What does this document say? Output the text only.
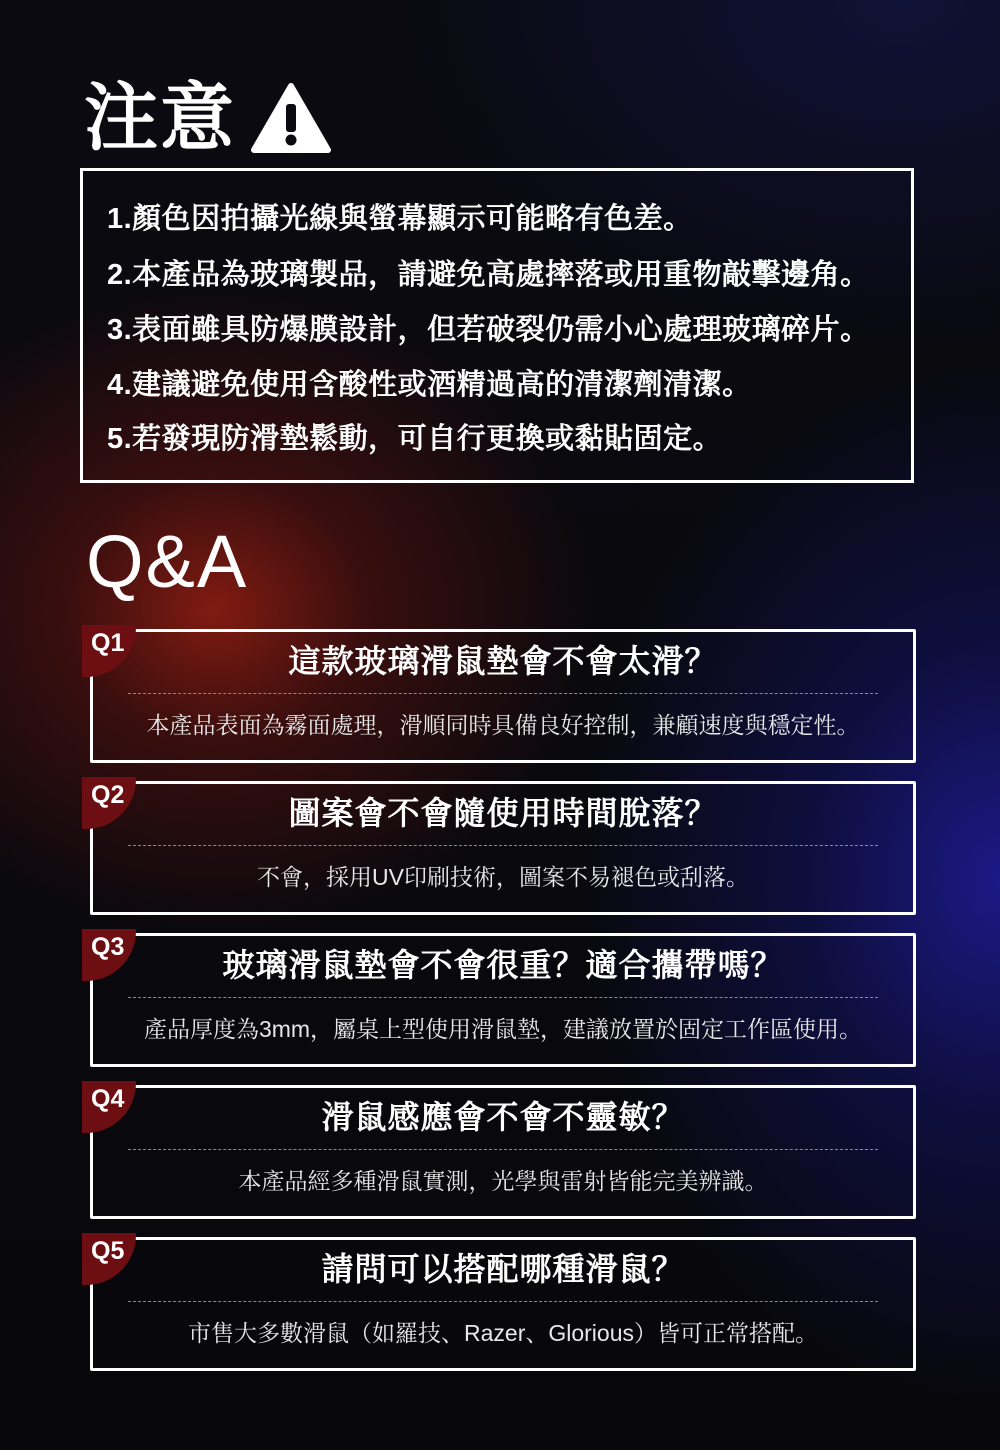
注意
1.顏色因拍攝光線與螢幕顯示可能略有色差。
2.本產品為玻璃製品，請避免高處摔落或用重物敲擊邊角。
3.表面雖具防爆膜設計，但若破裂仍需小心處理玻璃碎片。
4.建議避免使用含酸性或酒精過高的清潔劑清潔。
5.若發現防滑墊鬆動，可自行更換或黏貼固定。
Q&A
Q1	這款玻璃滑鼠墊會不會太滑？
本產品表面為霧面處理，滑順同時具備良好控制，兼顧速度與穩定性。
Q2	圖案會不會隨使用時間脫落？
不會，採用UV印刷技術，圖案不易褪色或刮落。
Q3	玻璃滑鼠墊會不會很重？適合攜帶嗎？
產品厚度為3mm，屬桌上型使用滑鼠墊，建議放置於固定工作區使用。
Q4	滑鼠感應會不會不靈敏？
本產品經多種滑鼠實測，光學與雷射皆能完美辨識。
Q5	請問可以搭配哪種滑鼠？
市售大多數滑鼠（如羅技、Razer、Glorious）皆可正常搭配。
